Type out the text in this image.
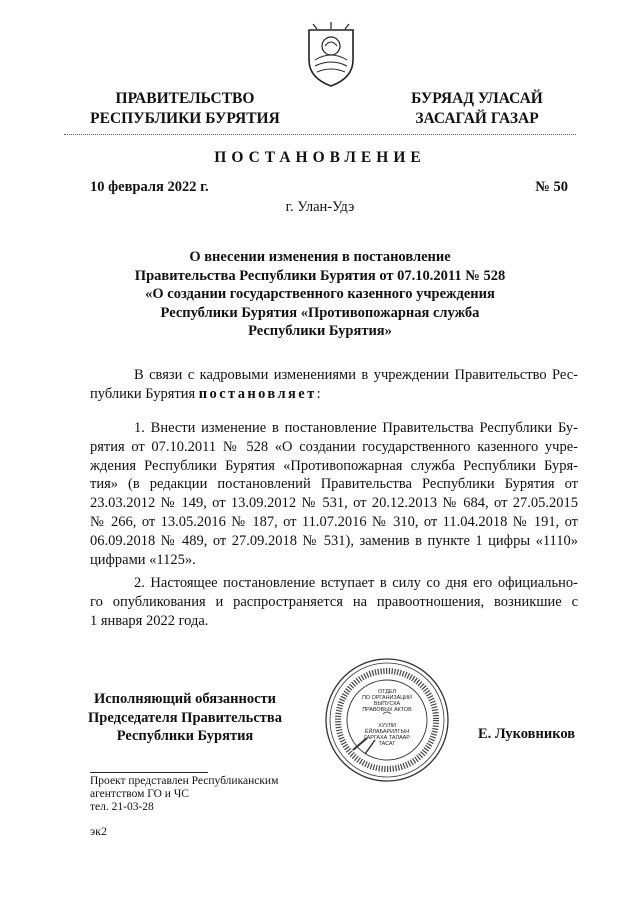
ПРАВИТЕЛЬСТВО
РЕСПУБЛИКИ БУРЯТИЯ
БУРЯАД УЛАСАЙ
ЗАСАГАЙ ГАЗАР
ПОСТАНОВЛЕНИЕ
10 февраля 2022 г.	№ 50
г. Улан-Удэ
О внесении изменения в постановление
Правительства Республики Бурятия от 07.10.2011 № 528
«О создании государственного казенного учреждения
Республики Бурятия «Противопожарная служба
Республики Бурятия»
В связи с кадровыми изменениями в учреждении Правительство Рес-
публики Бурятия постановляет:
1. Внести изменение в постановление Правительства Республики Бу-
рятия от 07.10.2011 № 528 «О создании государственного казенного учре-
ждения Республики Бурятия «Противопожарная служба Республики Буря-
тия» (в редакции постановлений Правительства Республики Бурятия от
23.03.2012 № 149, от 13.09.2012 № 531, от 20.12.2013 № 684, от 27.05.2015
№ 266, от 13.05.2016 № 187, от 11.07.2016 № 310, от 11.04.2018 № 191, от
06.09.2018 № 489, от 27.09.2018 № 531), заменив в пункте 1 цифры «1110»
цифрами «1125».
2. Настоящее постановление вступает в силу со дня его официально-
го опубликования и распространяется на правоотношения, возникшие с
1 января 2022 года.
Исполняющий обязанности
Председателя Правительства
Республики Бурятия
ОТДЕЛ
ПО ОРГАНИЗАЦИИ
ВЫПУСКА
ПРАВОВЫХ АКТОВ
ХУУЛИ
ЁЙЛАБАРИЛГЫН
ГАРГАХА ТАЛААР
ТАСАГ
Е. Луковников
Проект представлен Республиканским
агентством ГО и ЧС
тел. 21-03-28
эк2
